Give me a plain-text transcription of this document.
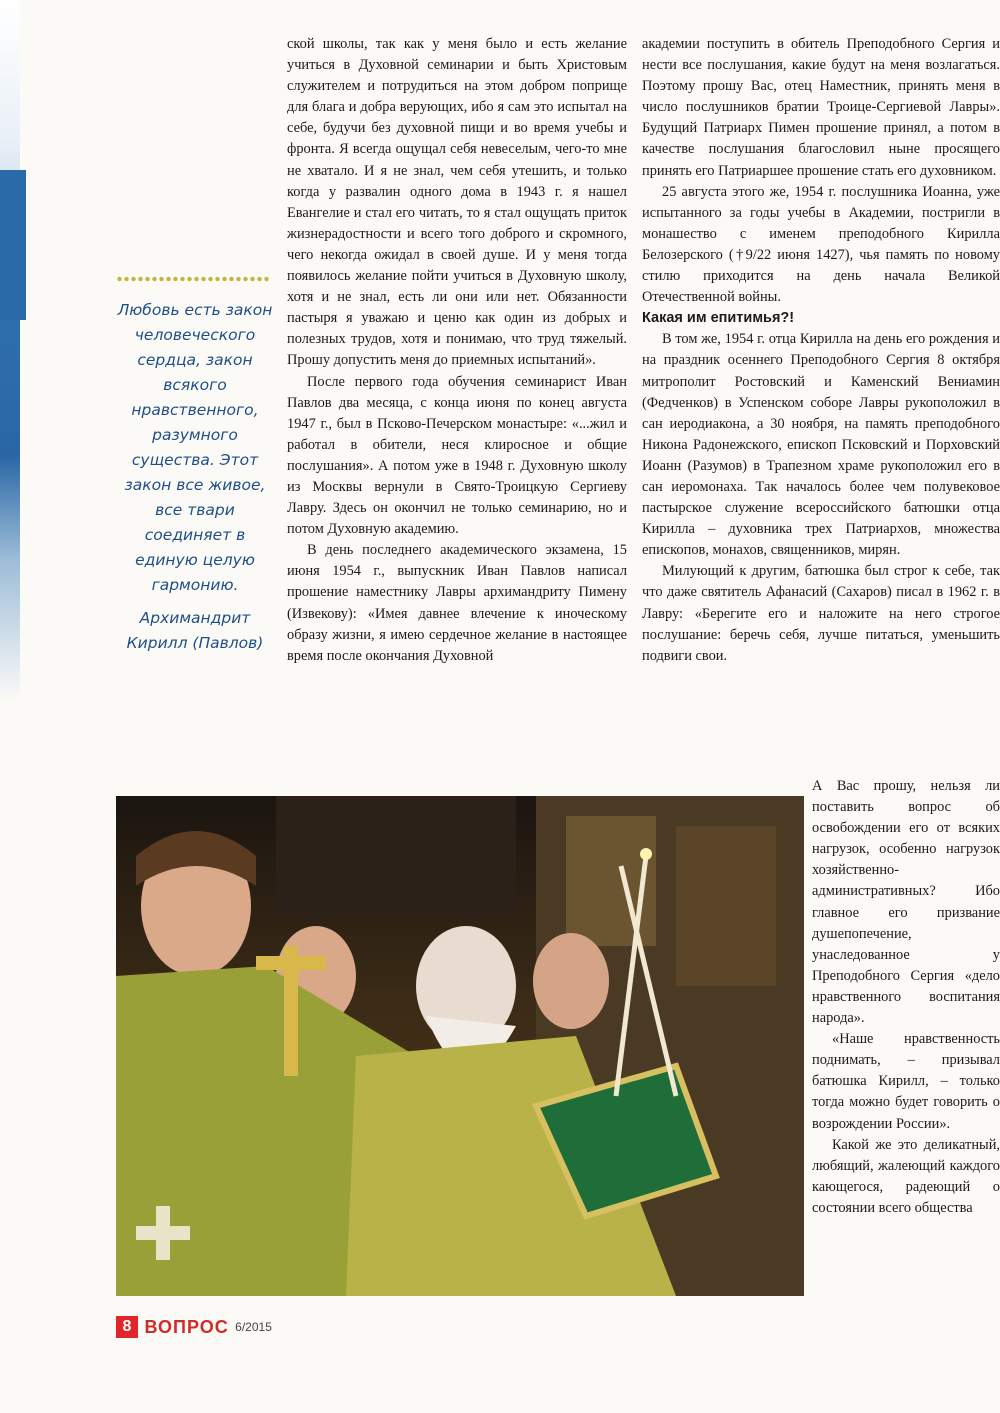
Любовь есть закон человеческого сердца, закон всякого нравственного, разумного существа. Этот закон все живое, все твари соединяет в единую целую гармонию.

Архимандрит Кирилл (Павлов)

ской школы, так как у меня было и есть желание учиться в Духовной семинарии и быть Христовым служителем и потрудиться на этом добром поприще для блага и добра верующих, ибо я сам это испытал на себе, будучи без духовной пищи и во время учебы и фронта. Я всегда ощущал себя невеселым, чего-то мне не хватало. И я не знал, чем себя утешить, и только когда у развалин одного дома в 1943 г. я нашел Евангелие и стал его читать, то я стал ощущать приток жизнерадостности и всего того доброго и скромного, чего некогда ожидал в своей душе. И у меня тогда появилось желание пойти учиться в Духовную школу, хотя и не знал, есть ли они или нет. Обязанности пастыря я уважаю и ценю как один из добрых и полезных трудов, хотя и понимаю, что труд тяжелый. Прошу допустить меня до приемных испытаний».

После первого года обучения семинарист Иван Павлов два месяца, с конца июня по конец августа 1947 г., был в Псково-Печерском монастыре: «...жил и работал в обители, неся клиросное и общие послушания». А потом уже в 1948 г. Духовную школу из Москвы вернули в Свято-Троицкую Сергиеву Лавру. Здесь он окончил не только семинарию, но и потом Духовную академию.

В день последнего академического экзамена, 15 июня 1954 г., выпускник Иван Павлов написал прошение наместнику Лавры архимандриту Пимену (Извекову): «Имея давнее влечение к иноческому образу жизни, я имею сердечное желание в настоящее время после окончания Духовной

академии поступить в обитель Преподобного Сергия и нести все послушания, какие будут на меня возлагаться. Поэтому прошу Вас, отец Наместник, принять меня в число послушников братии Троице-Сергиевой Лавры». Будущий Патриарх Пимен прошение принял, а потом в качестве послушания благословил ныне просящего принять его Патриаршее прошение стать его духовником.

25 августа этого же, 1954 г. послушника Иоанна, уже испытанного за годы учебы в Академии, постригли в монашество с именем преподобного Кирилла Белозерского (†9/22 июня 1427), чья память по новому стилю приходится на день начала Великой Отечественной войны.

Какая им епитимья?!

В том же, 1954 г. отца Кирилла на день его рождения и на праздник осеннего Преподобного Сергия 8 октября митрополит Ростовский и Каменский Вениамин (Федченков) в Успенском соборе Лавры рукоположил в сан иеродиакона, а 30 ноября, на память преподобного Никона Радонежского, епископ Псковский и Порховский Иоанн (Разумов) в Трапезном храме рукоположил его в сан иеромонаха. Так началось более чем полувековое пастырское служение всероссийского батюшки отца Кирилла – духовника трех Патриархов, множества епископов, монахов, священников, мирян.

Милующий к другим, батюшка был строг к себе, так что даже святитель Афанасий (Сахаров) писал в 1962 г. в Лавру: «Берегите его и наложите на него строгое послушание: беречь себя, лучше питаться, уменьшить подвиги свои.

А Вас прошу, нельзя ли поставить вопрос об освобождении его от всяких нагрузок, особенно нагрузок хозяйственно-административных? Ибо главное его призвание душепопечение, унаследованное у Преподобного Сергия «дело нравственного воспитания народа».

«Наше нравственность поднимать, – призывал батюшка Кирилл, – только тогда можно будет говорить о возрождении России».

Какой же это деликатный, любящий, жалеющий каждого кающегося, радеющий о состоянии всего общества

8 ВОПРОС 6/2015
